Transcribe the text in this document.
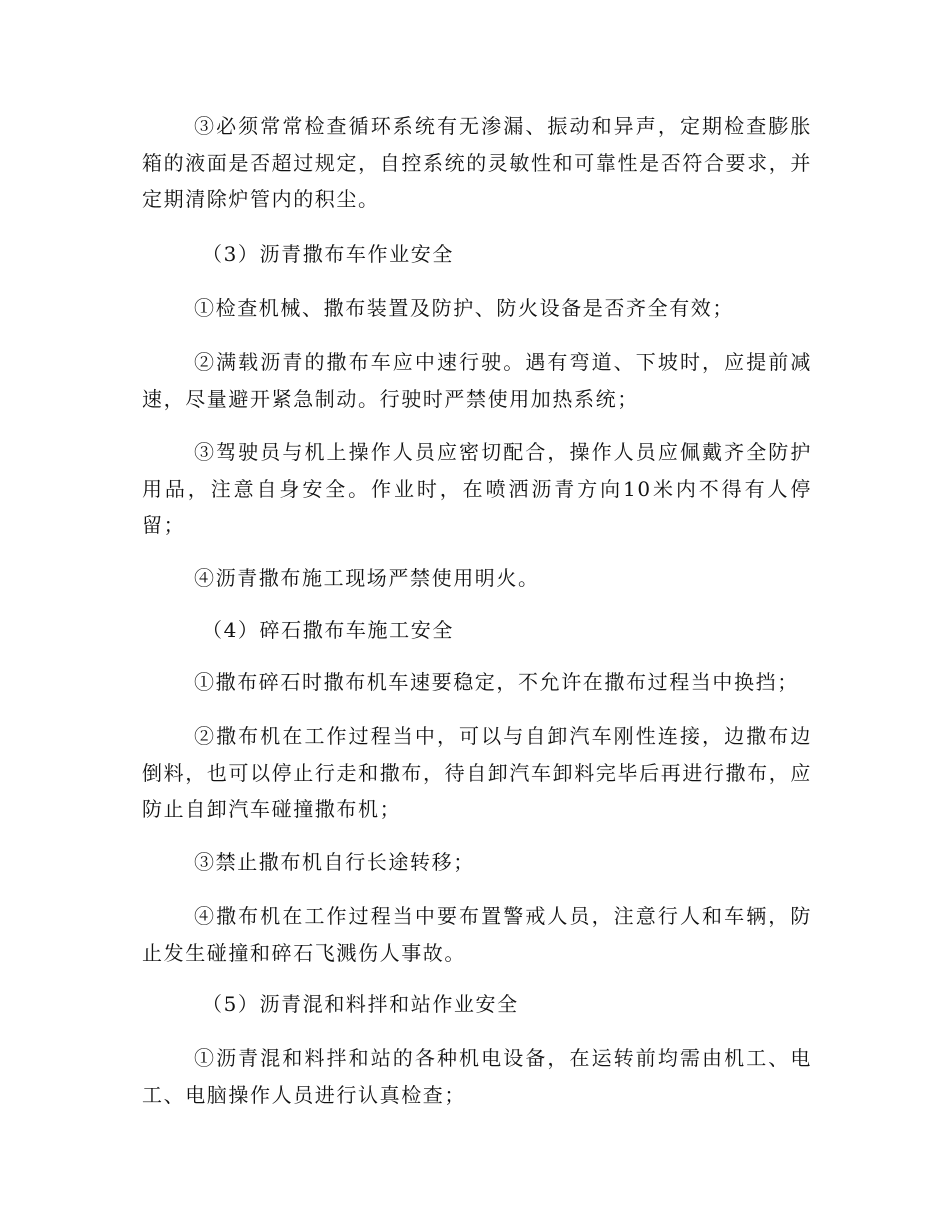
③必须常常检查循环系统有无渗漏、振动和异声，定期检查膨胀箱的液面是否超过规定，自控系统的灵敏性和可靠性是否符合要求，并定期清除炉管内的积尘。

（3）沥青撒布车作业安全

①检查机械、撒布装置及防护、防火设备是否齐全有效；

②满载沥青的撒布车应中速行驶。遇有弯道、下坡时，应提前减速，尽量避开紧急制动。行驶时严禁使用加热系统；

③驾驶员与机上操作人员应密切配合，操作人员应佩戴齐全防护用品，注意自身安全。作业时，在喷洒沥青方向10米内不得有人停留；

④沥青撒布施工现场严禁使用明火。

（4）碎石撒布车施工安全

①撒布碎石时撒布机车速要稳定，不允许在撒布过程当中换挡；

②撒布机在工作过程当中，可以与自卸汽车刚性连接，边撒布边倒料，也可以停止行走和撒布，待自卸汽车卸料完毕后再进行撒布，应防止自卸汽车碰撞撒布机；

③禁止撒布机自行长途转移；

④撒布机在工作过程当中要布置警戒人员，注意行人和车辆，防止发生碰撞和碎石飞溅伤人事故。

（5）沥青混和料拌和站作业安全

①沥青混和料拌和站的各种机电设备，在运转前均需由机工、电工、电脑操作人员进行认真检查；
